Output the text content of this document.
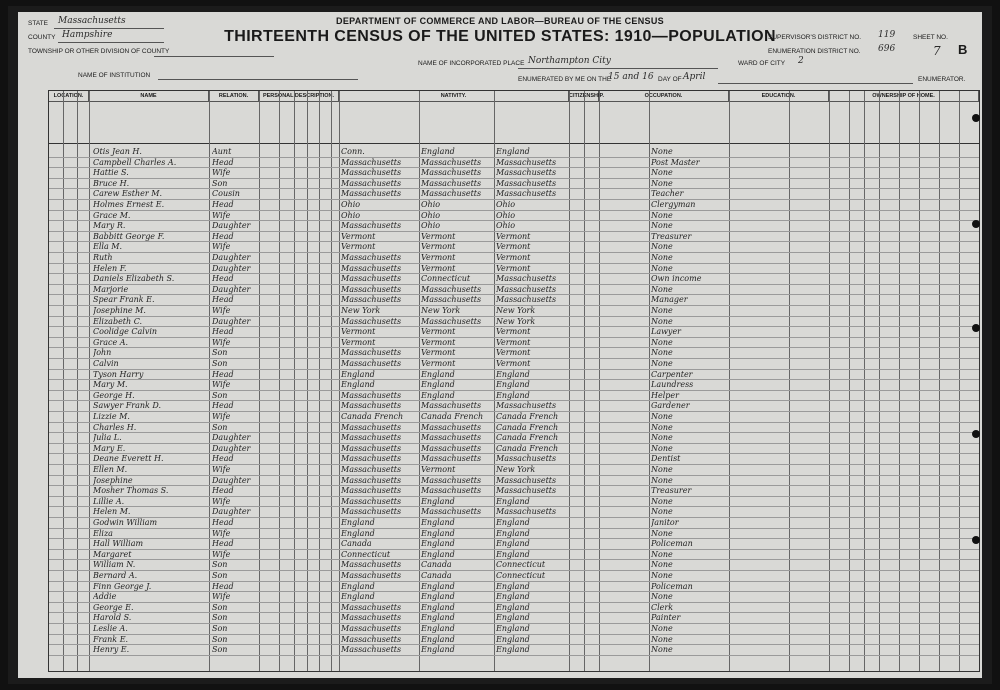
DEPARTMENT OF COMMERCE AND LABOR—BUREAU OF THE CENSUS
THIRTEENTH CENSUS OF THE UNITED STATES: 1910—POPULATION
STATE Massachusetts
COUNTY Hampshire
TOWNSHIP OR OTHER DIVISION OF COUNTY
NAME OF INSTITUTION
NAME OF INCORPORATED PLACE Northampton City	WARD OF CITY 2
SUPERVISOR'S DISTRICT NO. 119
ENUMERATION DISTRICT NO. 696
SHEET NO.
7 B
ENUMERATED BY ME ON THE
15 and 16 DAY OF April	ENUMERATOR.
LOCATION.	NAME	RELATION.	PERSONAL DESCRIPTION.	NATIVITY.	CITIZENSHIP.	OCCUPATION.	EDUCATION.	OWNERSHIP OF HOME.
Otis Jean H.	Aunt	Conn.	England	England	None
Campbell Charles A.	Head	Massachusetts	Massachusetts	Massachusetts	Post Master
Hattie S.	Wife	Massachusetts	Massachusetts	Massachusetts	None
Bruce H.	Son	Massachusetts	Massachusetts	Massachusetts	None
Carew Esther M.	Cousin	Massachusetts	Massachusetts	Massachusetts	Teacher
Holmes Ernest E.	Head	Ohio	Ohio	Ohio	Clergyman
Grace M.	Wife	Ohio	Ohio	Ohio	None
Mary R.	Daughter	Massachusetts	Ohio	Ohio	None
Babbitt George F.	Head	Vermont	Vermont	Vermont	Treasurer
Ella M.	Wife	Vermont	Vermont	Vermont	None
Ruth	Daughter	Massachusetts	Vermont	Vermont	None
Helen F.	Daughter	Massachusetts	Vermont	Vermont	None
Daniels Elizabeth S.	Head	Massachusetts	Connecticut	Massachusetts	Own income
Marjorie	Daughter	Massachusetts	Massachusetts	Massachusetts	None
Spear Frank E.	Head	Massachusetts	Massachusetts	Massachusetts	Manager
Josephine M.	Wife	New York	New York	New York	None
Elizabeth C.	Daughter	Massachusetts	Massachusetts	New York	None
Coolidge Calvin	Head	Vermont	Vermont	Vermont	Lawyer
Grace A.	Wife	Vermont	Vermont	Vermont	None
John	Son	Massachusetts	Vermont	Vermont	None
Calvin	Son	Massachusetts	Vermont	Vermont	None
Tyson Harry	Head	England	England	England	Carpenter
Mary M.	Wife	England	England	England	Laundress
George H.	Son	Massachusetts	England	England	Helper
Sawyer Frank D.	Head	Massachusetts	Massachusetts	Massachusetts	Gardener
Lizzie M.	Wife	Canada French	Canada French	Canada French	None
Charles H.	Son	Massachusetts	Massachusetts	Canada French	None
Julia L.	Daughter	Massachusetts	Massachusetts	Canada French	None
Mary E.	Daughter	Massachusetts	Massachusetts	Canada French	None
Deane Everett H.	Head	Massachusetts	Massachusetts	Massachusetts	Dentist
Ellen M.	Wife	Massachusetts	Vermont	New York	None
Josephine	Daughter	Massachusetts	Massachusetts	Massachusetts	None
Mosher Thomas S.	Head	Massachusetts	Massachusetts	Massachusetts	Treasurer
Lillie A.	Wife	Massachusetts	England	England	None
Helen M.	Daughter	Massachusetts	Massachusetts	Massachusetts	None
Godwin William	Head	England	England	England	Janitor
Eliza	Wife	England	England	England	None
Hall William	Head	Canada	England	England	Policeman
Margaret	Wife	Connecticut	England	England	None
William N.	Son	Massachusetts	Canada	Connecticut	None
Bernard A.	Son	Massachusetts	Canada	Connecticut	None
Finn George J.	Head	England	England	England	Policeman
Addie	Wife	England	England	England	None
George E.	Son	Massachusetts	England	England	Clerk
Harold S.	Son	Massachusetts	England	England	Painter
Leslie A.	Son	Massachusetts	England	England	None
Frank E.	Son	Massachusetts	England	England	None
Henry E.	Son	Massachusetts	England	England	None
